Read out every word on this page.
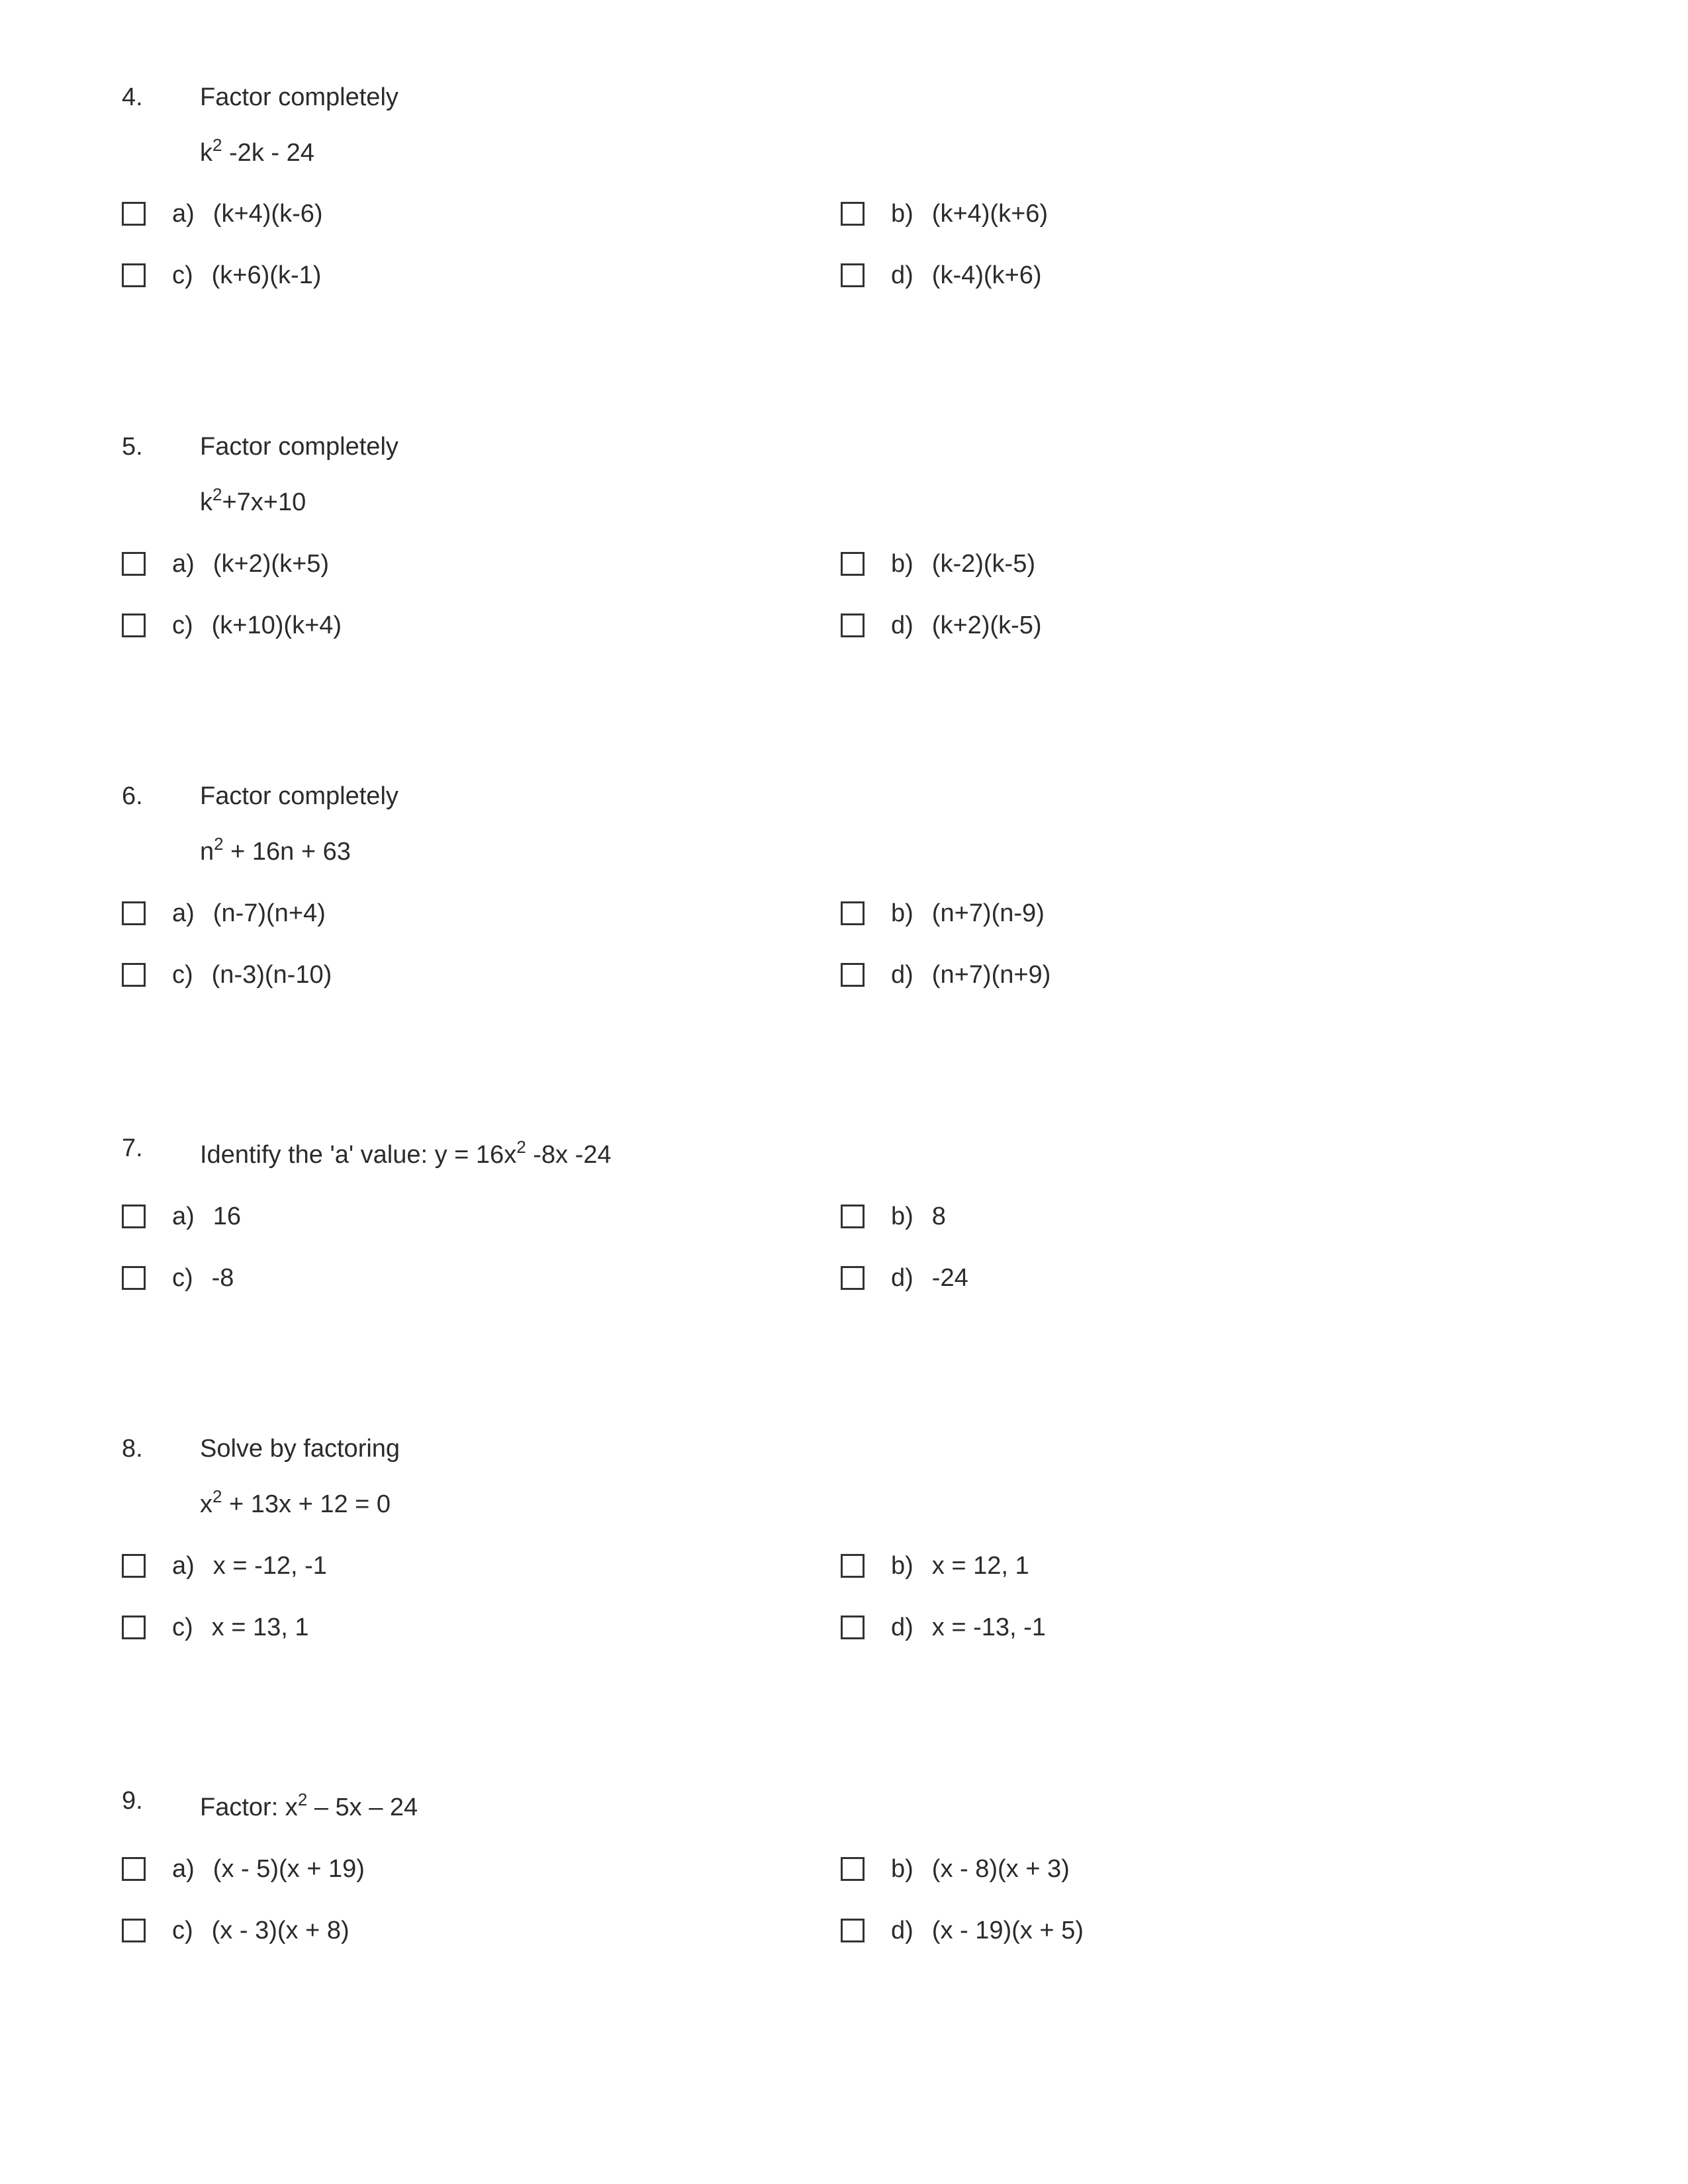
4. Factor completely
$k^2$ -2k - 24
a) (k+4)(k-6)	b) (k+4)(k+6)
c) (k+6)(k-1)	d) (k-4)(k+6)
5. Factor completely
$k^2+7x+10$
a) (k+2)(k+5)	b) (k-2)(k-5)
c) (k+10)(k+4)	d) (k+2)(k-5)
6. Factor completely
$n^2 + 16n + 63$
a) (n-7)(n+4)	b) (n+7)(n-9)
c) (n-3)(n-10)	d) (n+7)(n+9)
7. Identify the 'a' value: $y = 16x^2$ -8x -24
a) 16	b) 8
c) -8	d) -24
8. Solve by factoring
$x^2 + 13x + 12 = 0$
a) x = -12, -1	b) x = 12, 1
c) x = 13, 1	d) x = -13, -1
9. Factor: $x^2 - 5x - 24$
a) (x - 5)(x + 19)	b) (x - 8)(x + 3)
c) (x - 3)(x + 8)	d) (x - 19)(x + 5)
